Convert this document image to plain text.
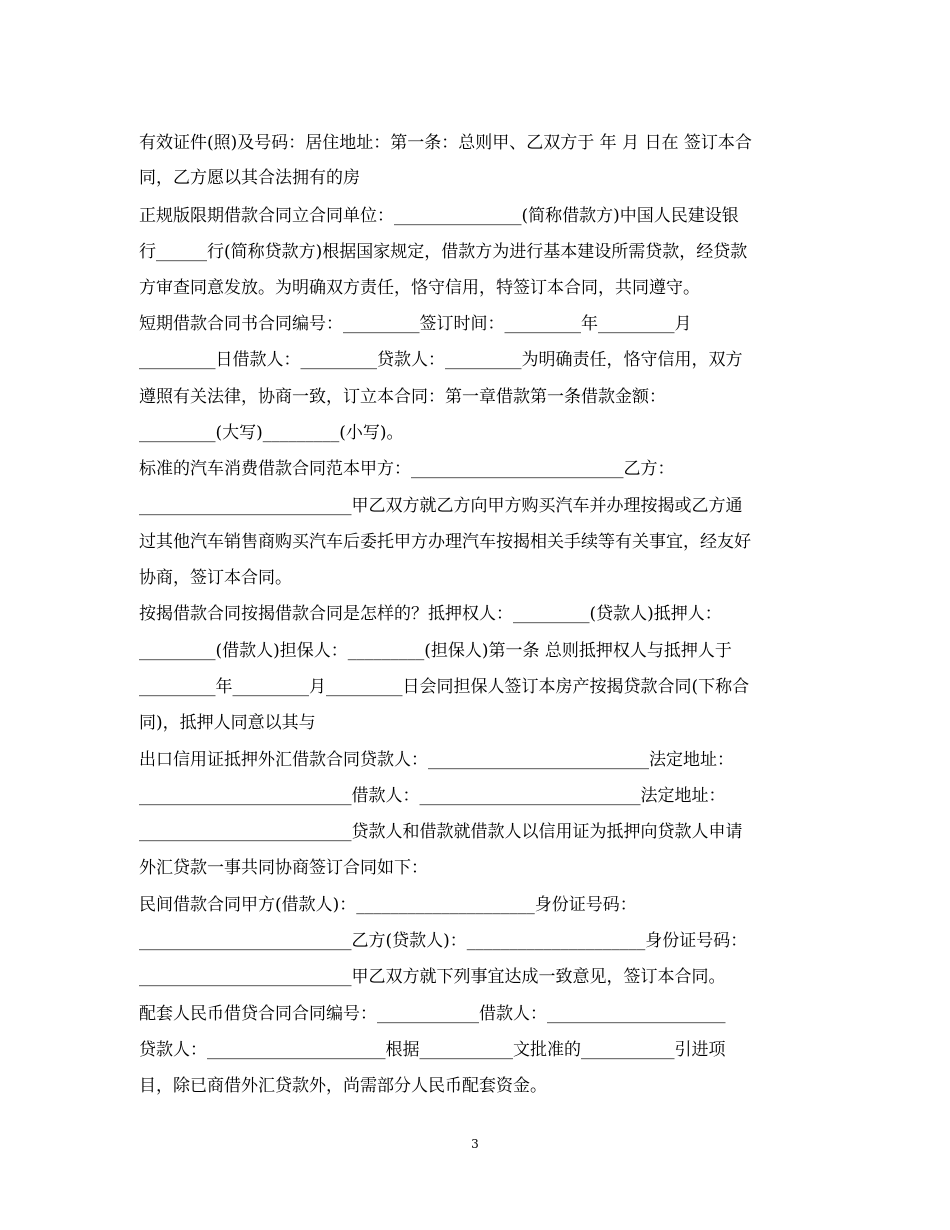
有效证件(照)及号码：居住地址：第一条：总则甲、乙双方于 年 月 日在 签订本合
同，乙方愿以其合法拥有的房
正规版限期借款合同立合同单位：_______________(简称借款方)中国人民建设银
行______行(简称贷款方)根据国家规定，借款方为进行基本建设所需贷款，经贷款
方审查同意发放。为明确双方责任，恪守信用，特签订本合同，共同遵守。
短期借款合同书合同编号：_________签订时间：_________年_________月
_________日借款人：_________贷款人：_________为明确责任，恪守信用，双方
遵照有关法律，协商一致，订立本合同：第一章借款第一条借款金额：
_________(大写)_________(小写)。
标准的汽车消费借款合同范本甲方：_________________________乙方：
_________________________甲乙双方就乙方向甲方购买汽车并办理按揭或乙方通
过其他汽车销售商购买汽车后委托甲方办理汽车按揭相关手续等有关事宜，经友好
协商，签订本合同。
按揭借款合同按揭借款合同是怎样的？抵押权人：_________(贷款人)抵押人：
_________(借款人)担保人：_________(担保人)第一条 总则抵押权人与抵押人于
_________年_________月_________日会同担保人签订本房产按揭贷款合同(下称合
同)，抵押人同意以其与
出口信用证抵押外汇借款合同贷款人：__________________________法定地址：
_________________________借款人：__________________________法定地址：
_________________________贷款人和借款就借款人以信用证为抵押向贷款人申请
外汇贷款一事共同协商签订合同如下：
民间借款合同甲方(借款人)：_____________________身份证号码：
_________________________乙方(贷款人)：_____________________身份证号码：
_________________________甲乙双方就下列事宜达成一致意见，签订本合同。
配套人民币借贷合同合同编号：____________借款人：_____________________
贷款人：_____________________根据___________文批准的___________引进项
目，除已商借外汇贷款外，尚需部分人民币配套资金。
3
